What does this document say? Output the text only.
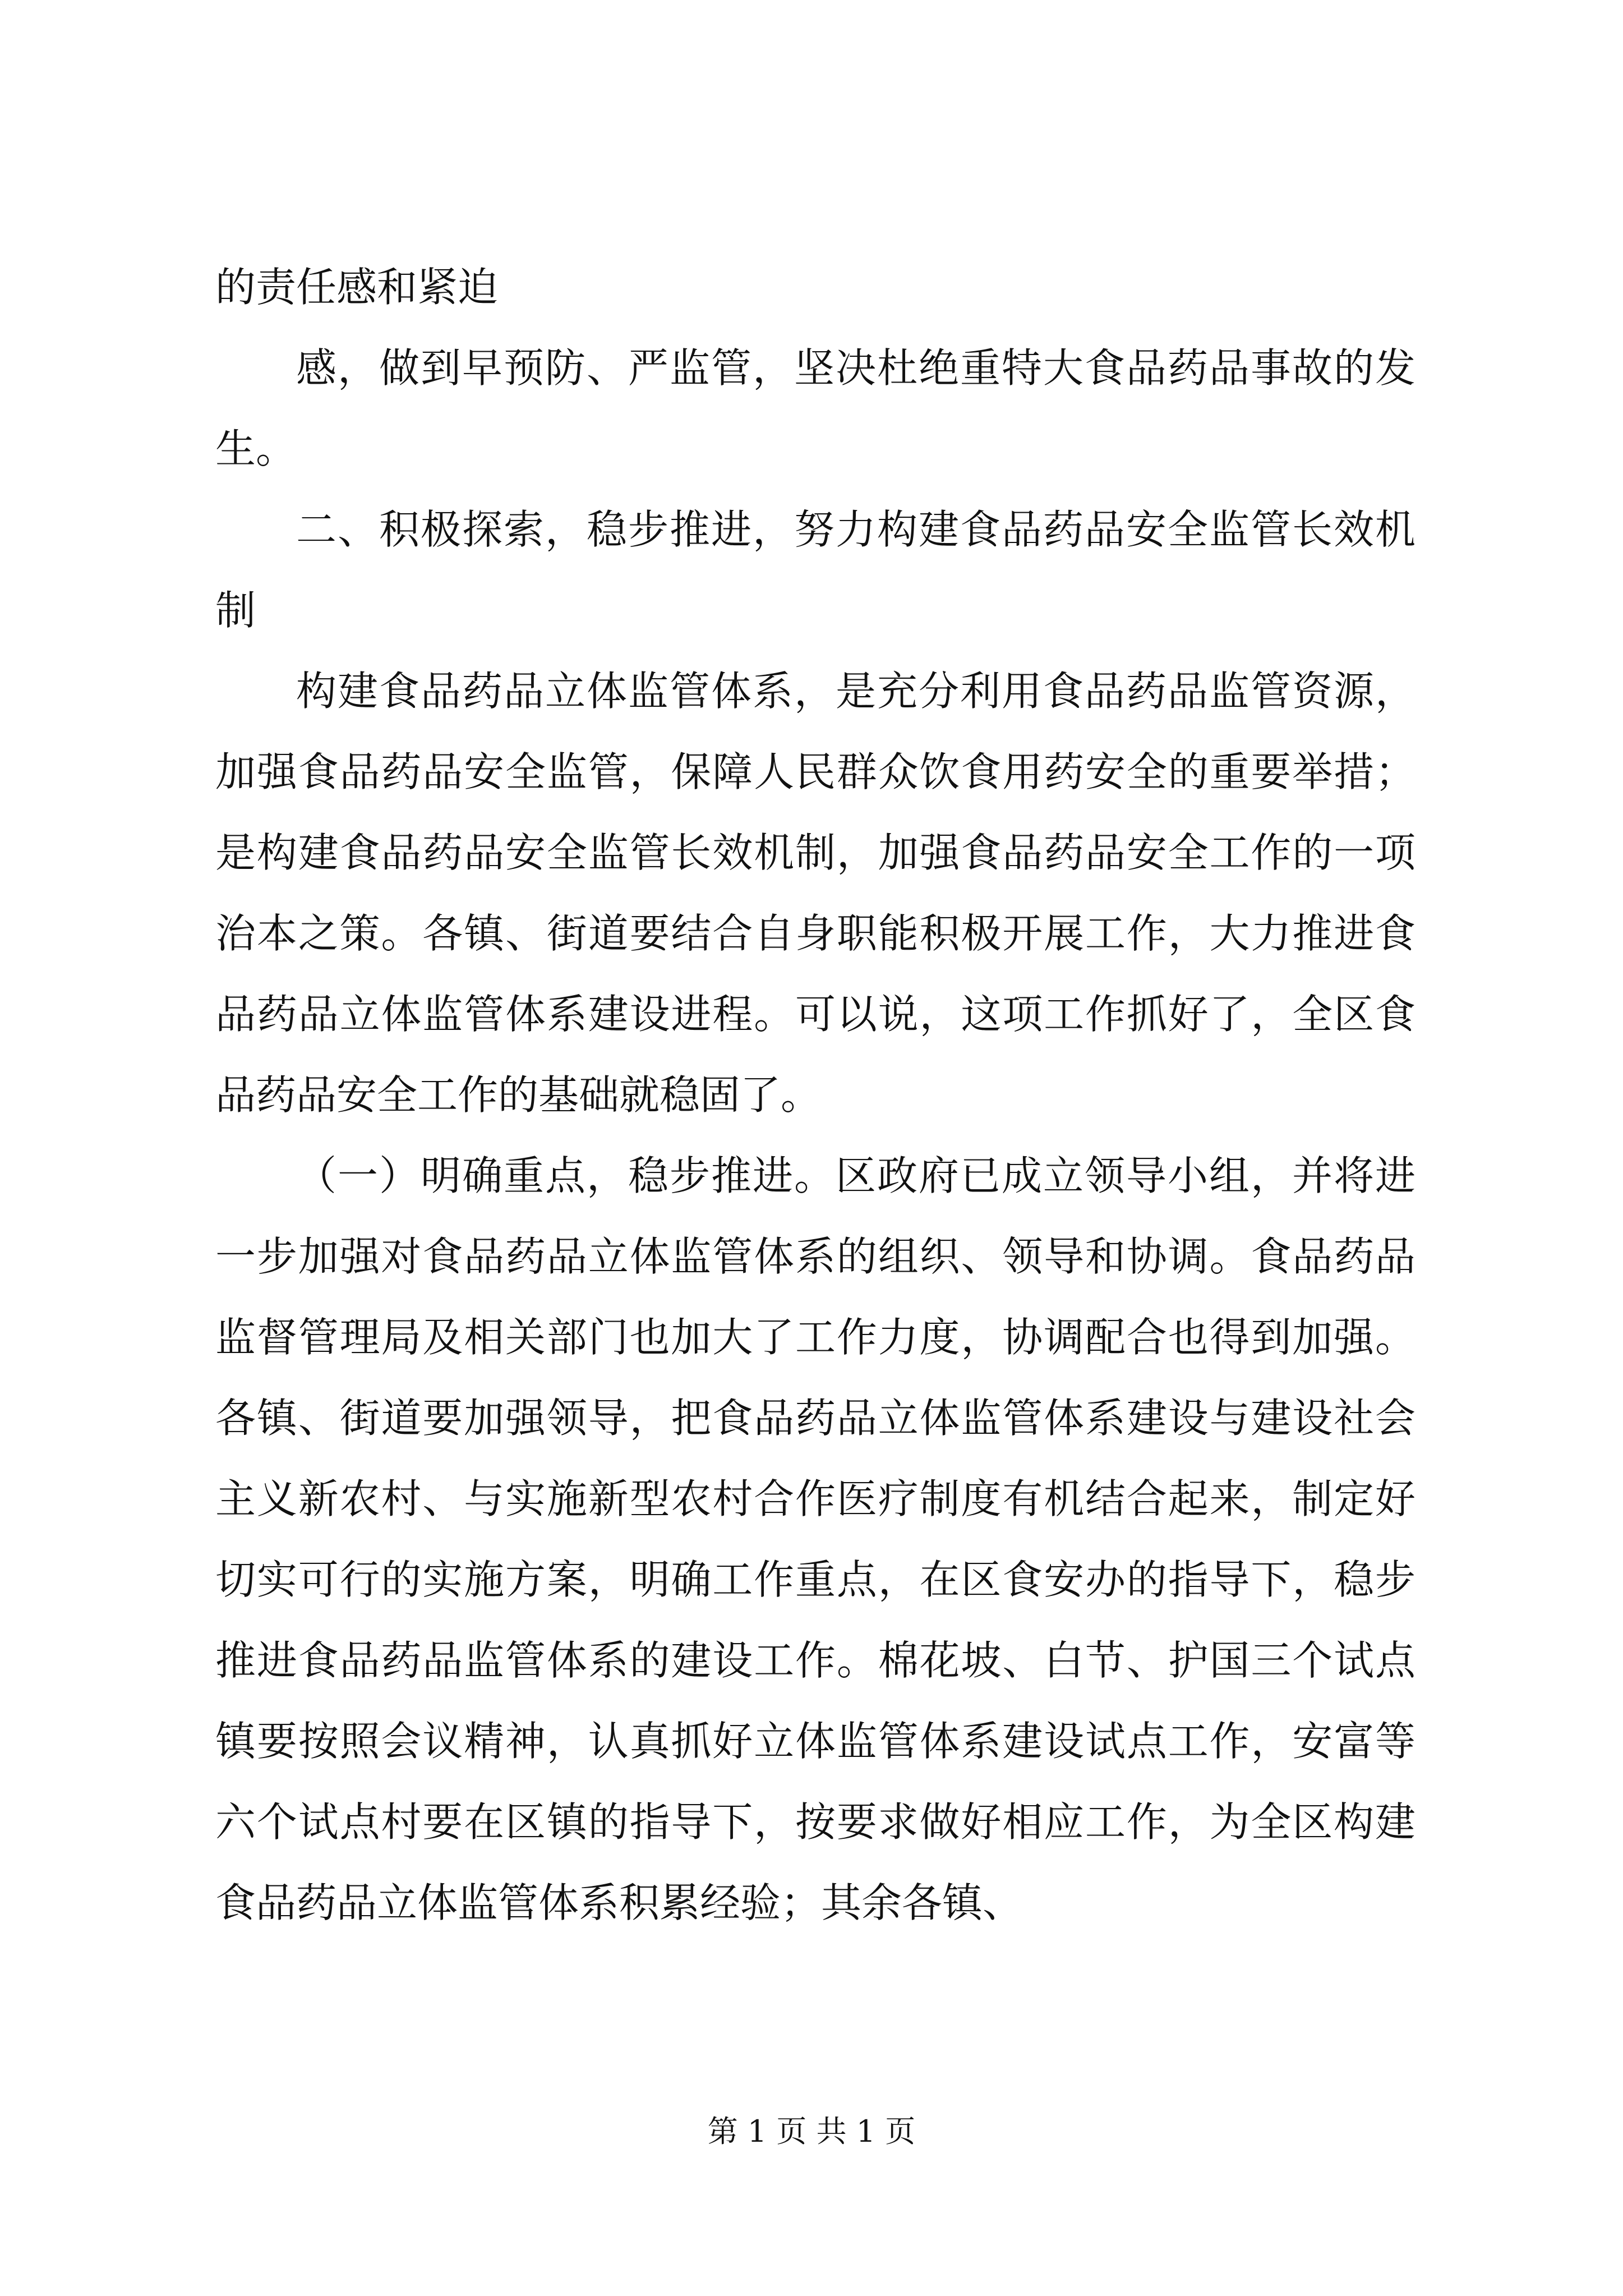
的责任感和紧迫

感，做到早预防、严监管，坚决杜绝重特大食品药品事故的发生。

二、积极探索，稳步推进，努力构建食品药品安全监管长效机制

构建食品药品立体监管体系，是充分利用食品药品监管资源，加强食品药品安全监管，保障人民群众饮食用药安全的重要举措；是构建食品药品安全监管长效机制，加强食品药品安全工作的一项治本之策。各镇、街道要结合自身职能积极开展工作，大力推进食品药品立体监管体系建设进程。可以说，这项工作抓好了，全区食品药品安全工作的基础就稳固了。

（一）明确重点，稳步推进。区政府已成立领导小组，并将进一步加强对食品药品立体监管体系的组织、领导和协调。食品药品监督管理局及相关部门也加大了工作力度，协调配合也得到加强。各镇、街道要加强领导，把食品药品立体监管体系建设与建设社会主义新农村、与实施新型农村合作医疗制度有机结合起来，制定好切实可行的实施方案，明确工作重点，在区食安办的指导下，稳步推进食品药品监管体系的建设工作。棉花坡、白节、护国三个试点镇要按照会议精神，认真抓好立体监管体系建设试点工作，安富等六个试点村要在区镇的指导下，按要求做好相应工作，为全区构建食品药品立体监管体系积累经验；其余各镇、

第 1 页 共 1 页
